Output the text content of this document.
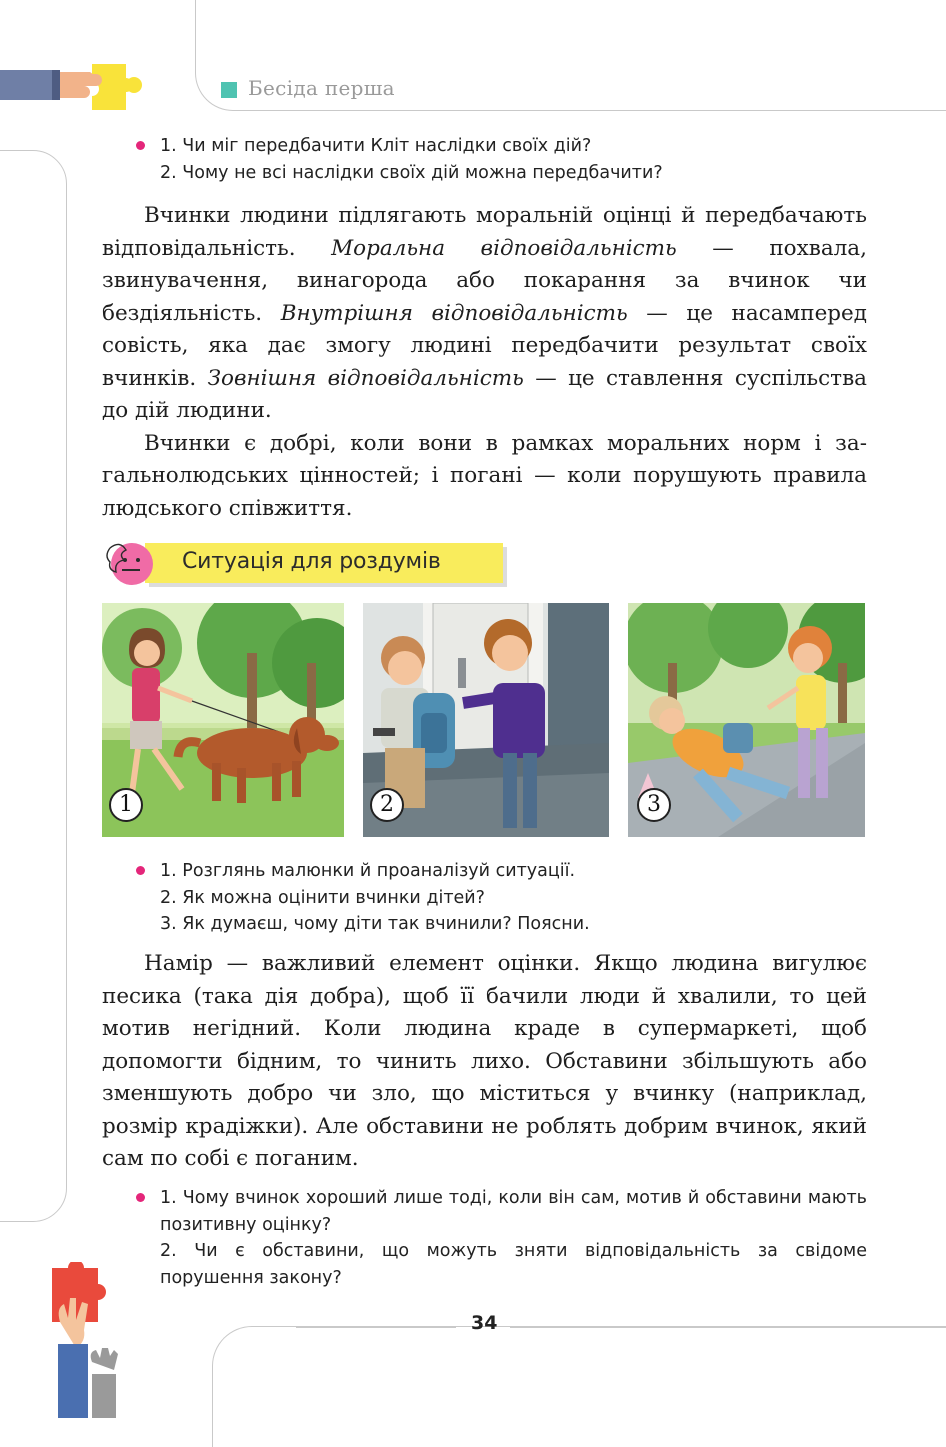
Бесіда перша
1. Чи міг передбачити Кліт наслідки своїх дій?
2. Чому не всі наслідки своїх дій можна передбачити?

Вчинки людини підлягають моральній оцінці й передбачають відповідальність. Моральна відповідальність — похвала, звинувачення, винагорода або покарання за вчинок чи бездіяльність. Внутрішня відповідальність — це насамперед совість, яка дає змогу людині передбачити результат своїх вчинків. Зовнішня відповідальність — це ставлення суспільства до дій людини.

Вчинки є добрі, коли вони в рамках моральних норм і загальнолюдських цінностей; і погані — коли порушують правила людського співжиття.

Ситуація для роздумів
1	2	3
1. Розглянь малюнки й проаналізуй ситуації.
2. Як можна оцінити вчинки дітей?
3. Як думаєш, чому діти так вчинили? Поясни.

Намір — важливий елемент оцінки. Якщо людина вигулює песика (така дія добра), щоб її бачили люди й хвалили, то цей мотив негідний. Коли людина краде в супермаркеті, щоб допомогти бідним, то чинить лихо. Обставини збільшують або зменшують добро чи зло, що міститься у вчинку (наприклад, розмір крадіжки). Але обставини не роблять добрим вчинок, який сам по собі є поганим.

1. Чому вчинок хороший лише тоді, коли він сам, мотив й обставини мають позитивну оцінку?
2. Чи є обставини, що можуть зняти відповідальність за свідоме порушення закону?
34
